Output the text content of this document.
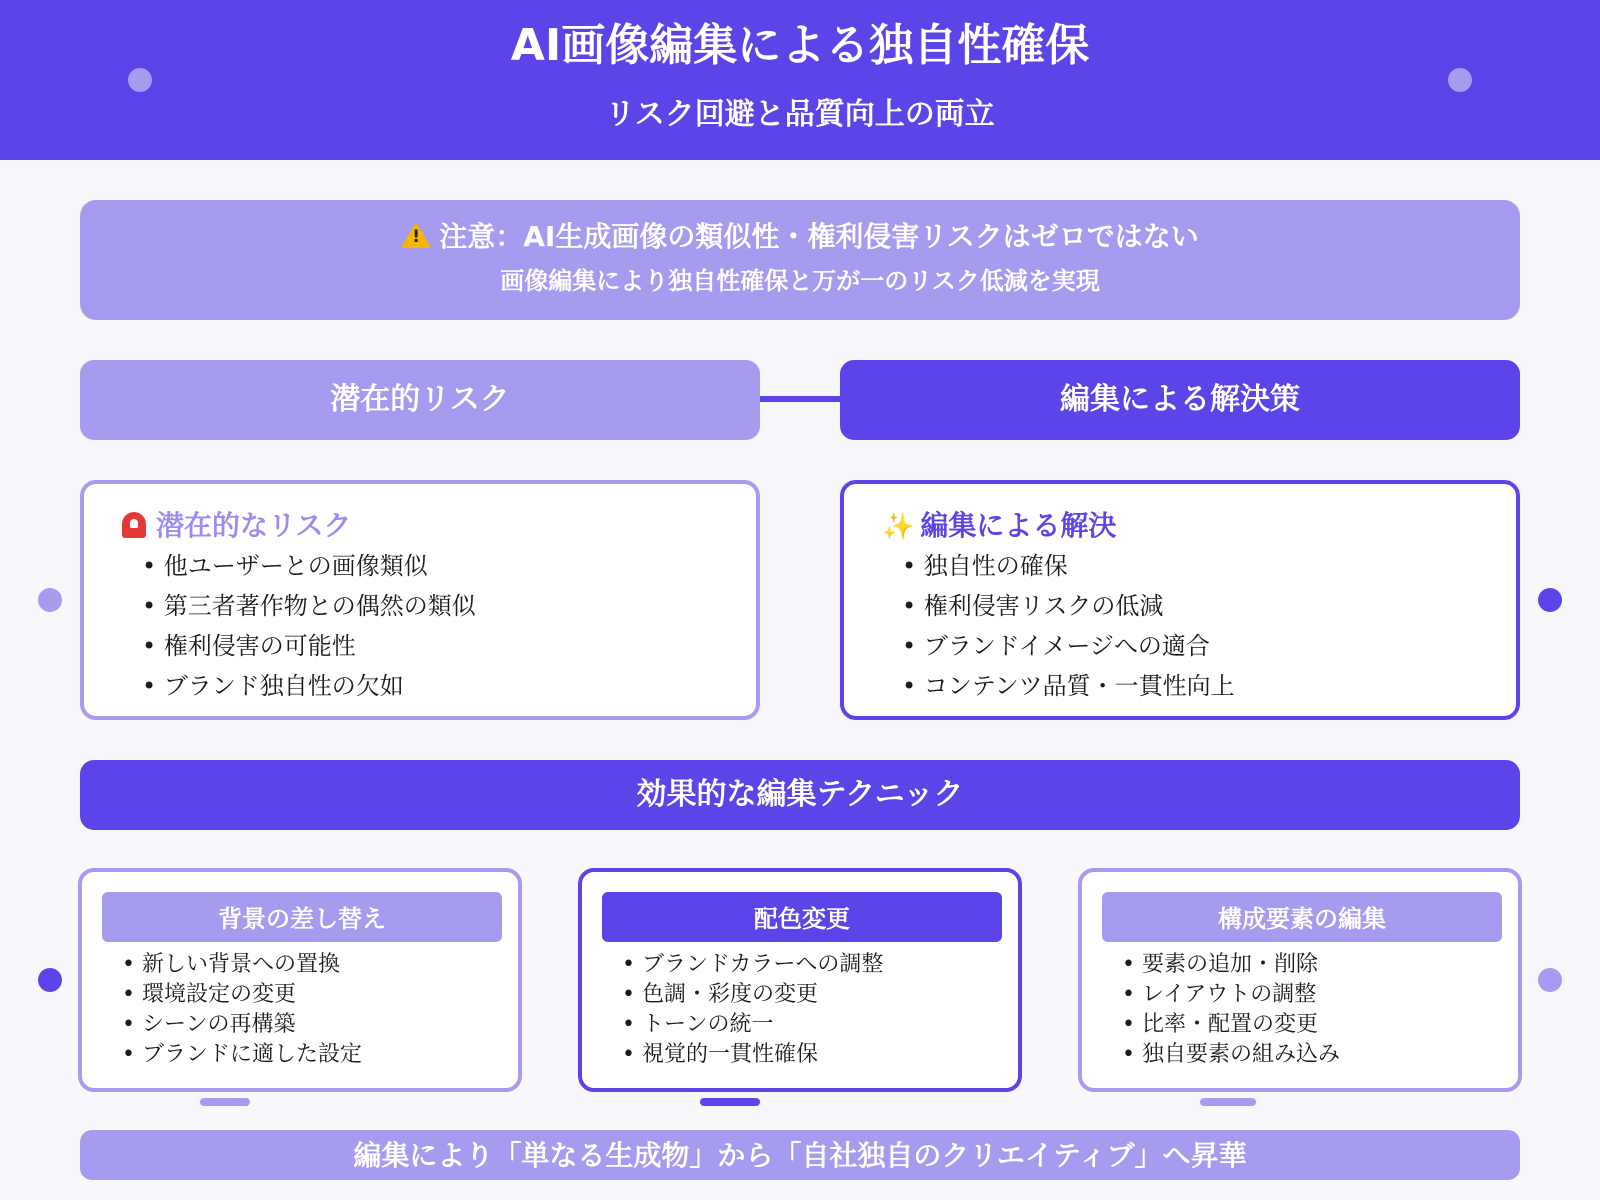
AI画像編集による独自性確保
リスク回避と品質向上の両立
!注意：AI生成画像の類似性・権利侵害リスクはゼロではない
画像編集により独自性確保と万が一のリスク低減を実現
潜在的リスク	編集による解決策
潜在的なリスク
• 他ユーザーとの画像類似
• 第三者著作物との偶然の類似
• 権利侵害の可能性
• ブランド独自性の欠如
✨ 編集による解決
• 独自性の確保
• 権利侵害リスクの低減
• ブランドイメージへの適合
• コンテンツ品質・一貫性向上
効果的な編集テクニック
背景の差し替え
• 新しい背景への置換
• 環境設定の変更
• シーンの再構築
• ブランドに適した設定
配色変更
• ブランドカラーへの調整
• 色調・彩度の変更
• トーンの統一
• 視覚的一貫性確保
構成要素の編集
• 要素の追加・削除
• レイアウトの調整
• 比率・配置の変更
• 独自要素の組み込み
編集により「単なる生成物」から「自社独自のクリエイティブ」へ昇華
